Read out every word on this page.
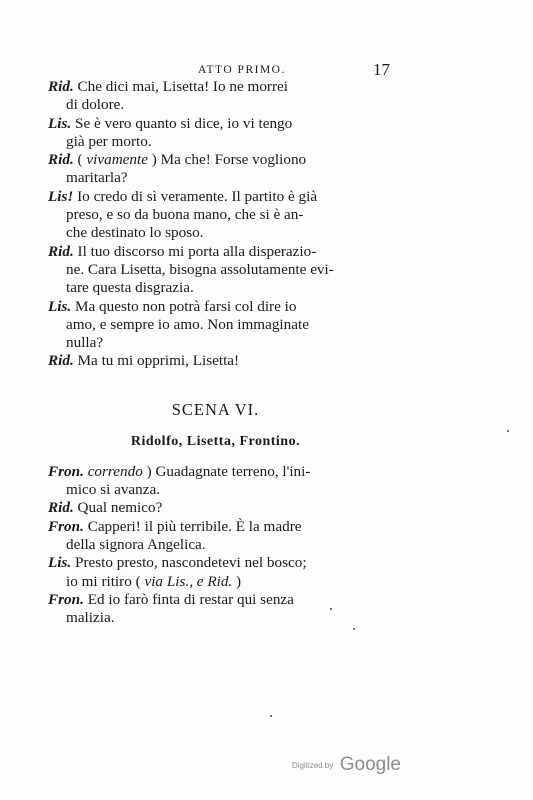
ATTO PRIMO.	17
Rid. Che dici mai, Lisetta! Io ne morrei
di dolore.
Lis. Se è vero quanto si dice, io vi tengo
già per morto.
Rid. ( vivamente ) Ma che! Forse vogliono
maritarla?
Lis! Io credo di sì veramente. Il partito è già
preso, e so da buona mano, che si è an-
che destinato lo sposo.
Rid. Il tuo discorso mi porta alla disperazio-
ne. Cara Lisetta, bisogna assolutamente evi-
tare questa disgrazia.
Lis. Ma questo non potrà farsi col dire io
amo, e sempre io amo. Non immaginate
nulla?
Rid. Ma tu mi opprimi, Lisetta!
SCENA VI.
Ridolfo, Lisetta, Frontino.
Fron. correndo ) Guadagnate terreno, l'ini-
mico si avanza.
Rid. Qual nemico?
Fron. Capperi! il più terribile. È la madre
della signora Angelica.
Lis. Presto presto, nascondetevi nel bosco;
io mi ritiro ( via Lis., e Rid. )
Fron. Ed io farò finta di restar qui senza
malizia.
Digitized by Google
